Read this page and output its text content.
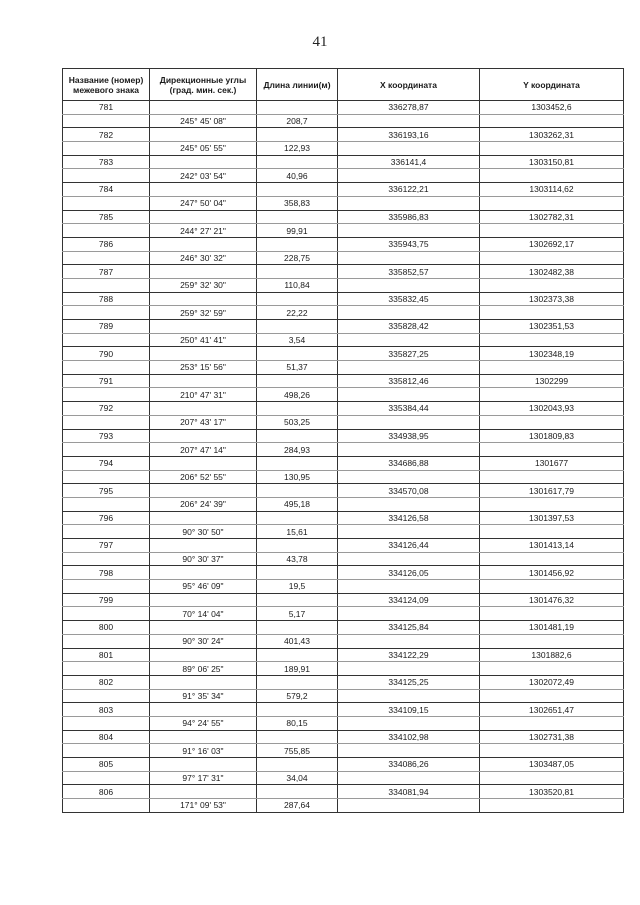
41
Название (номер) межевого знака	Дирекционные углы (град. мин. сек.)	Длина линии(м)	X координата	Y координата
781			336278,87	1303452,6
	245° 45' 08"	208,7		
782			336193,16	1303262,31
	245° 05' 55"	122,93		
783			336141,4	1303150,81
	242° 03' 54"	40,96		
784			336122,21	1303114,62
	247° 50' 04"	358,83		
785			335986,83	1302782,31
	244° 27' 21"	99,91		
786			335943,75	1302692,17
	246° 30' 32"	228,75		
787			335852,57	1302482,38
	259° 32' 30"	110,84		
788			335832,45	1302373,38
	259° 32' 59"	22,22		
789			335828,42	1302351,53
	250° 41' 41"	3,54		
790			335827,25	1302348,19
	253° 15' 56"	51,37		
791			335812,46	1302299
	210° 47' 31"	498,26		
792			335384,44	1302043,93
	207° 43' 17"	503,25		
793			334938,95	1301809,83
	207° 47' 14"	284,93		
794			334686,88	1301677
	206° 52' 55"	130,95		
795			334570,08	1301617,79
	206° 24' 39"	495,18		
796			334126,58	1301397,53
	90° 30' 50"	15,61		
797			334126,44	1301413,14
	90° 30' 37"	43,78		
798			334126,05	1301456,92
	95° 46' 09"	19,5		
799			334124,09	1301476,32
	70° 14' 04"	5,17		
800			334125,84	1301481,19
	90° 30' 24"	401,43		
801			334122,29	1301882,6
	89° 06' 25"	189,91		
802			334125,25	1302072,49
	91° 35' 34"	579,2		
803			334109,15	1302651,47
	94° 24' 55"	80,15		
804			334102,98	1302731,38
	91° 16' 03"	755,85		
805			334086,26	1303487,05
	97° 17' 31"	34,04		
806			334081,94	1303520,81
	171° 09' 53"	287,64		
